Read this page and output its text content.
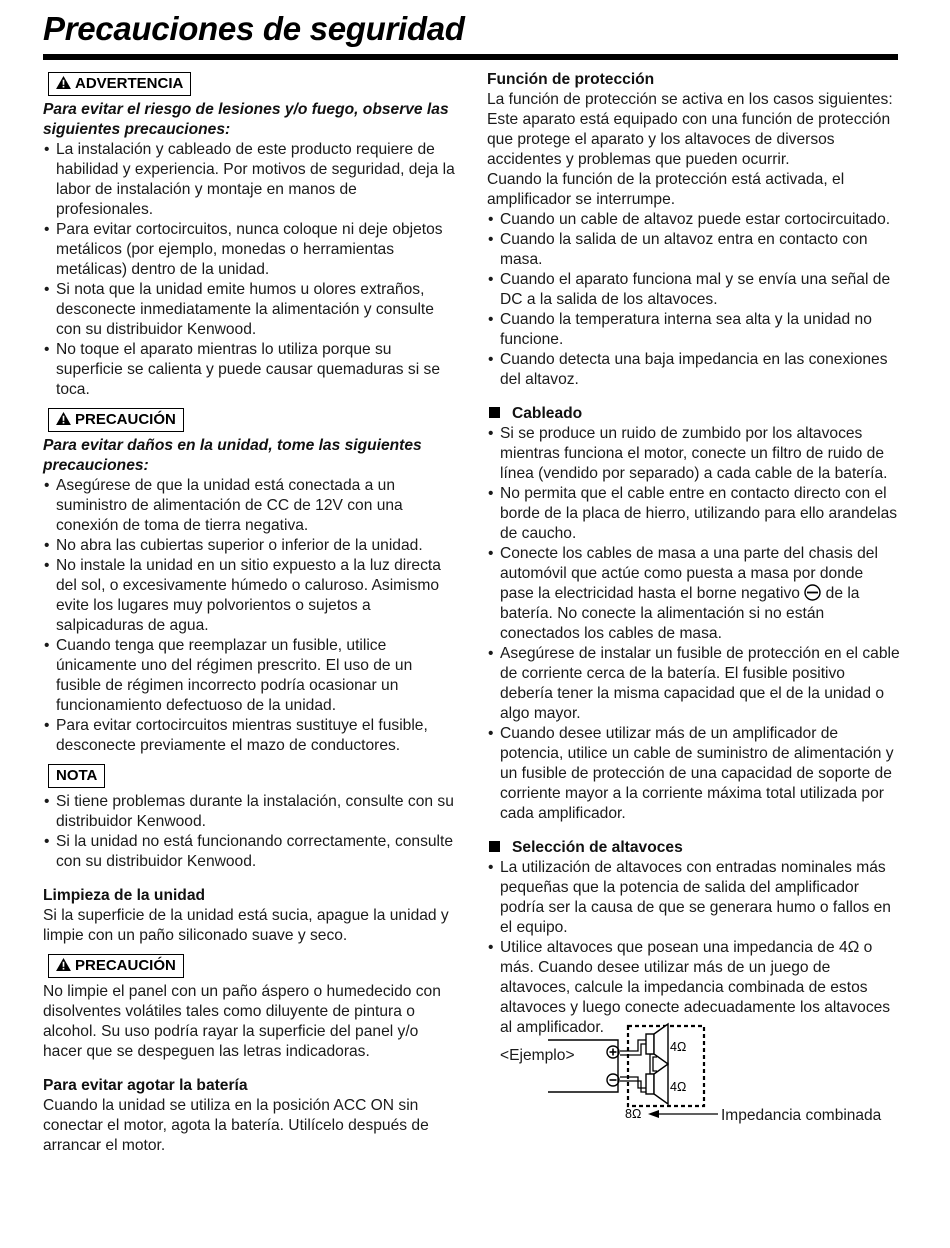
Precauciones de seguridad
ADVERTENCIA
Para evitar el riesgo de lesiones y/o fuego, observe las siguientes precauciones:
• La instalación y cableado de este producto requiere de habilidad y experiencia. Por motivos de seguridad, deja la labor de instalación y montaje en manos de profesionales.
• Para evitar cortocircuitos, nunca coloque ni deje objetos metálicos (por ejemplo, monedas o herramientas metálicas) dentro de la unidad.
• Si nota que la unidad emite humos u olores extraños, desconecte inmediatamente la alimentación y consulte con su distribuidor Kenwood.
• No toque el aparato mientras lo utiliza porque su superficie se calienta y puede causar quemaduras si se toca.
PRECAUCIÓN
Para evitar daños en la unidad, tome las siguientes precauciones:
• Asegúrese de que la unidad está conectada a un suministro de alimentación de CC de 12V con una conexión de toma de tierra negativa.
• No abra las cubiertas superior o inferior de la unidad.
• No instale la unidad en un sitio expuesto a la luz directa del sol, o excesivamente húmedo o caluroso. Asimismo evite los lugares muy polvorientos o sujetos a salpicaduras de agua.
• Cuando tenga que reemplazar un fusible, utilice únicamente uno del régimen prescrito. El uso de un fusible de régimen incorrecto podría ocasionar un funcionamiento defectuoso de la unidad.
• Para evitar cortocircuitos mientras sustituye el fusible, desconecte previamente el mazo de conductores.
NOTA
• Si tiene problemas durante la instalación, consulte con su distribuidor Kenwood.
• Si la unidad no está funcionando correctamente, consulte con su distribuidor Kenwood.
Limpieza de la unidad

Si la superficie de la unidad está sucia, apague la unidad y limpie con un paño siliconado suave y seco.

PRECAUCIÓN

No limpie el panel con un paño áspero o humedecido con disolventes volátiles tales como diluyente de pintura o alcohol. Su uso podría rayar la superficie del panel y/o hacer que se despeguen las letras indicadoras.

Para evitar agotar la batería

Cuando la unidad se utiliza en la posición ACC ON sin conectar el motor, agota la batería. Utilícelo después de arrancar el motor.

Función de protección

La función de protección se activa en los casos siguientes:

Este aparato está equipado con una función de protección que protege el aparato y los altavoces de diversos accidentes y problemas que pueden ocurrir.

Cuando la función de la protección está activada, el amplificador se interrumpe.

• Cuando un cable de altavoz puede estar cortocircuitado.
• Cuando la salida de un altavoz entra en contacto con masa.
• Cuando el aparato funciona mal y se envía una señal de DC a la salida de los altavoces.
• Cuando la temperatura interna sea alta y la unidad no funcione.
• Cuando detecta una baja impedancia en las conexiones del altavoz.
Cableado
• Si se produce un ruido de zumbido por los altavoces mientras funciona el motor, conecte un filtro de ruido de línea (vendido por separado) a cada cable de la batería.
• No permita que el cable entre en contacto directo con el borde de la placa de hierro, utilizando para ello arandelas de caucho.
• Conecte los cables de masa a una parte del chasis del automóvil que actúe como puesta a masa por donde pase la electricidad hasta el borne negativo de la batería. No conecte la alimentación si no están conectados los cables de masa.
• Asegúrese de instalar un fusible de protección en el cable de corriente cerca de la batería. El fusible positivo debería tener la misma capacidad que el de la unidad o algo mayor.
• Cuando desee utilizar más de un amplificador de potencia, utilice un cable de suministro de alimentación y un fusible de protección de una capacidad de soporte de corriente mayor a la corriente máxima total utilizada por cada amplificador.
Selección de altavoces
• La utilización de altavoces con entradas nominales más pequeñas que la potencia de salida del amplificador podría ser la causa de que se generara humo o fallos en el equipo.
• Utilice altavoces que posean una impedancia de 4Ω o más. Cuando desee utilizar más de un juego de altavoces, calcule la impedancia combinada de estos altavoces y luego conecte adecuadamente los altavoces al amplificador.
<Ejemplo>	4Ω
4Ω
8Ω	Impedancia combinada
